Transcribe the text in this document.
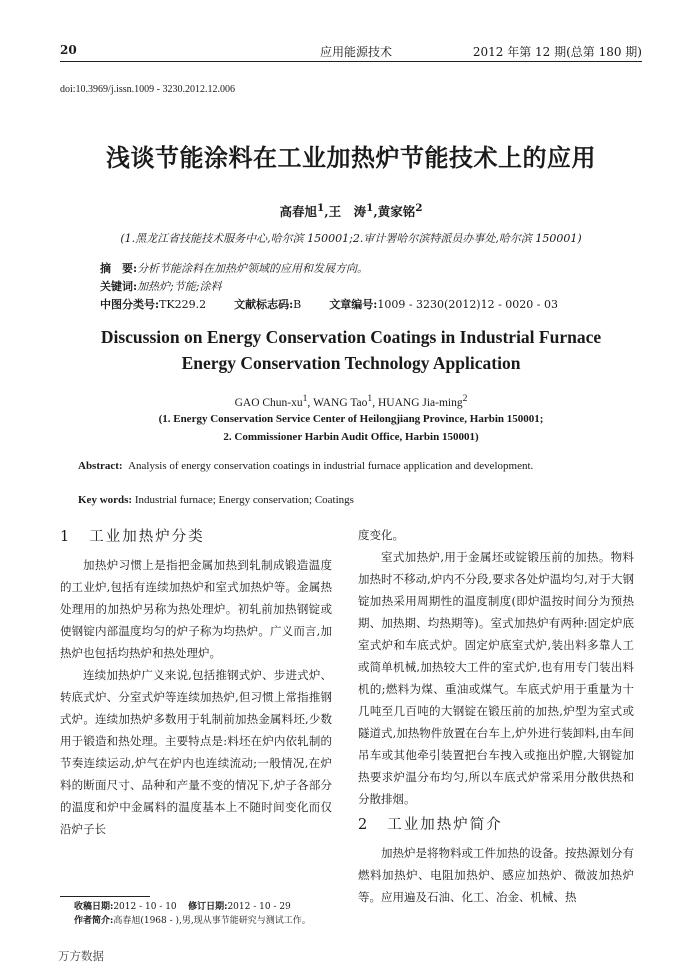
20	应用能源技术	2012 年第 12 期(总第 180 期)
doi:10.3969/j.issn.1009 - 3230.2012.12.006
浅谈节能涂料在工业加热炉节能技术上的应用
高春旭$^1$,王　涛$^1$,黄家铭$^2$
(1.黑龙江省技能技术服务中心,哈尔滨 150001;2.审计署哈尔滨特派员办事处,哈尔滨 150001)
摘　要:分析节能涂料在加热炉领域的应用和发展方向。
关键词:加热炉;节能;涂料
中图分类号:TK229.2	文献标志码:B	文章编号:1009 - 3230(2012)12 - 0020 - 03
Discussion on Energy Conservation Coatings in Industrial Furnace
Energy Conservation Technology Application
GAO Chun-$xu^1$, WANG Tao$^1$, HUANG Jia-ming$^2$
(1. Energy Conservation Service Center of Heilongjiang Province, Harbin 150001;
2. Commissioner Harbin Audit Office, Harbin 150001)
Abstract: Analysis of energy conservation coatings in industrial furnace application and development.
Key words: Industrial furnace; Energy conservation; Coatings
1 工业加热炉分类

加热炉习惯上是指把金属加热到轧制成锻造温度的工业炉,包括有连续加热炉和室式加热炉等。金属热处理用的加热炉另称为热处理炉。初轧前加热钢锭或使钢锭内部温度均匀的炉子称为均热炉。广义而言,加热炉也包括均热炉和热处理炉。

连续加热炉广义来说,包括推钢式炉、步进式炉、转底式炉、分室式炉等连续加热炉,但习惯上常指推钢式炉。连续加热炉多数用于轧制前加热金属料坯,少数用于锻造和热处理。主要特点是:料坯在炉内依轧制的节奏连续运动,炉气在炉内也连续流动;一般情况,在炉料的断面尺寸、品种和产量不变的情况下,炉子各部分的温度和炉中金属料的温度基本上不随时间变化而仅沿炉子长

度变化。

室式加热炉,用于金属坯或锭锻压前的加热。物料加热时不移动,炉内不分段,要求各处炉温均匀,对于大钢锭加热采用周期性的温度制度(即炉温按时间分为预热期、加热期、均热期等)。室式加热炉有两种:固定炉底室式炉和车底式炉。固定炉底室式炉,装出料多靠人工或简单机械,加热较大工件的室式炉,也有用专门装出料机的;燃料为煤、重油或煤气。车底式炉用于重量为十几吨至几百吨的大钢锭在锻压前的加热,炉型为室式或隧道式,加热物件放置在台车上,炉外进行装卸料,由车间吊车或其他牵引装置把台车拽入或拖出炉膛,大钢锭加热要求炉温分布均匀,所以车底式炉常采用分散供热和分散排烟。

2 工业加热炉简介

加热炉是将物料或工件加热的设备。按热源划分有燃料加热炉、电阻加热炉、感应加热炉、微波加热炉等。应用遍及石油、化工、冶金、机械、热

收稿日期:2012 - 10 - 10 修订日期:2012 - 10 - 29
作者简介:高春旭(1968 - ),男,现从事节能研究与测试工作。
万方数据
